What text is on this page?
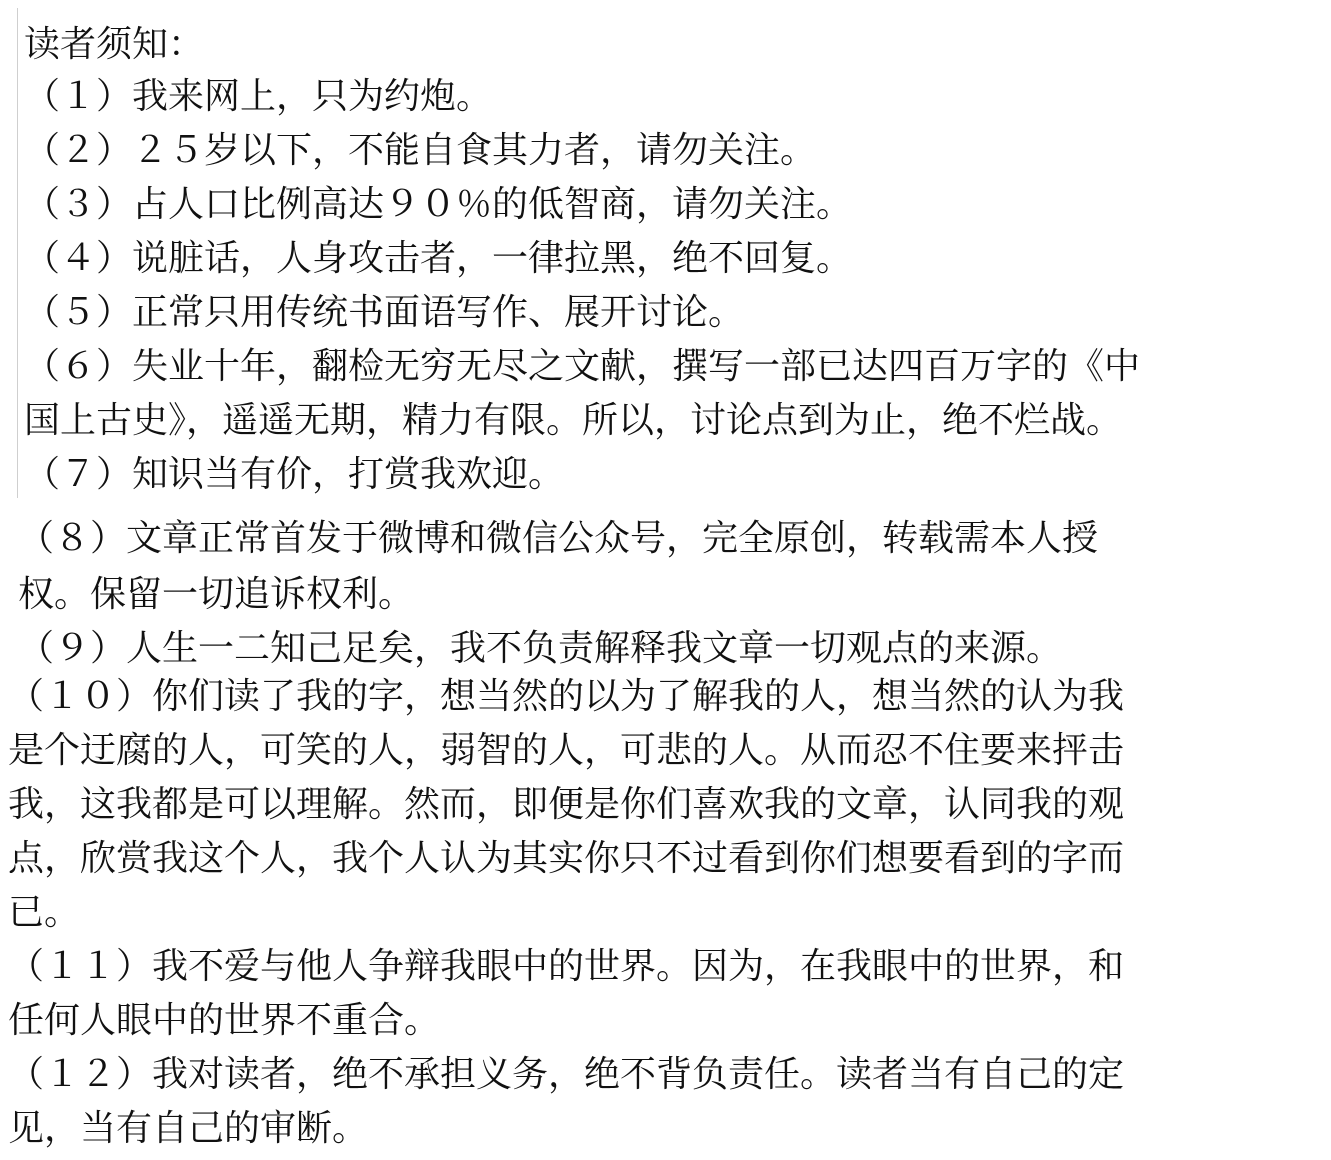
读者须知：
（１）我来网上，只为约炮。
（２）２５岁以下，不能自食其力者，请勿关注。
（３）占人口比例高达９０％的低智商，请勿关注。
（４）说脏话，人身攻击者，一律拉黑，绝不回复。
（５）正常只用传统书面语写作、展开讨论。
（６）失业十年，翻检无穷无尽之文献，撰写一部已达四百万字的《中
国上古史》，遥遥无期，精力有限。所以，讨论点到为止，绝不烂战。
（７）知识当有价，打赏我欢迎。
（８）文章正常首发于微博和微信公众号，完全原创，转载需本人授
权。保留一切追诉权利。
（９）人生一二知己足矣，我不负责解释我文章一切观点的来源。
（１０）你们读了我的字，想当然的以为了解我的人，想当然的认为我
是个迂腐的人，可笑的人，弱智的人，可悲的人。从而忍不住要来抨击
我，这我都是可以理解。然而，即便是你们喜欢我的文章，认同我的观
点，欣赏我这个人，我个人认为其实你只不过看到你们想要看到的字而
已。
（１１）我不爱与他人争辩我眼中的世界。因为，在我眼中的世界，和
任何人眼中的世界不重合。
（１２）我对读者，绝不承担义务，绝不背负责任。读者当有自己的定
见，当有自己的审断。
